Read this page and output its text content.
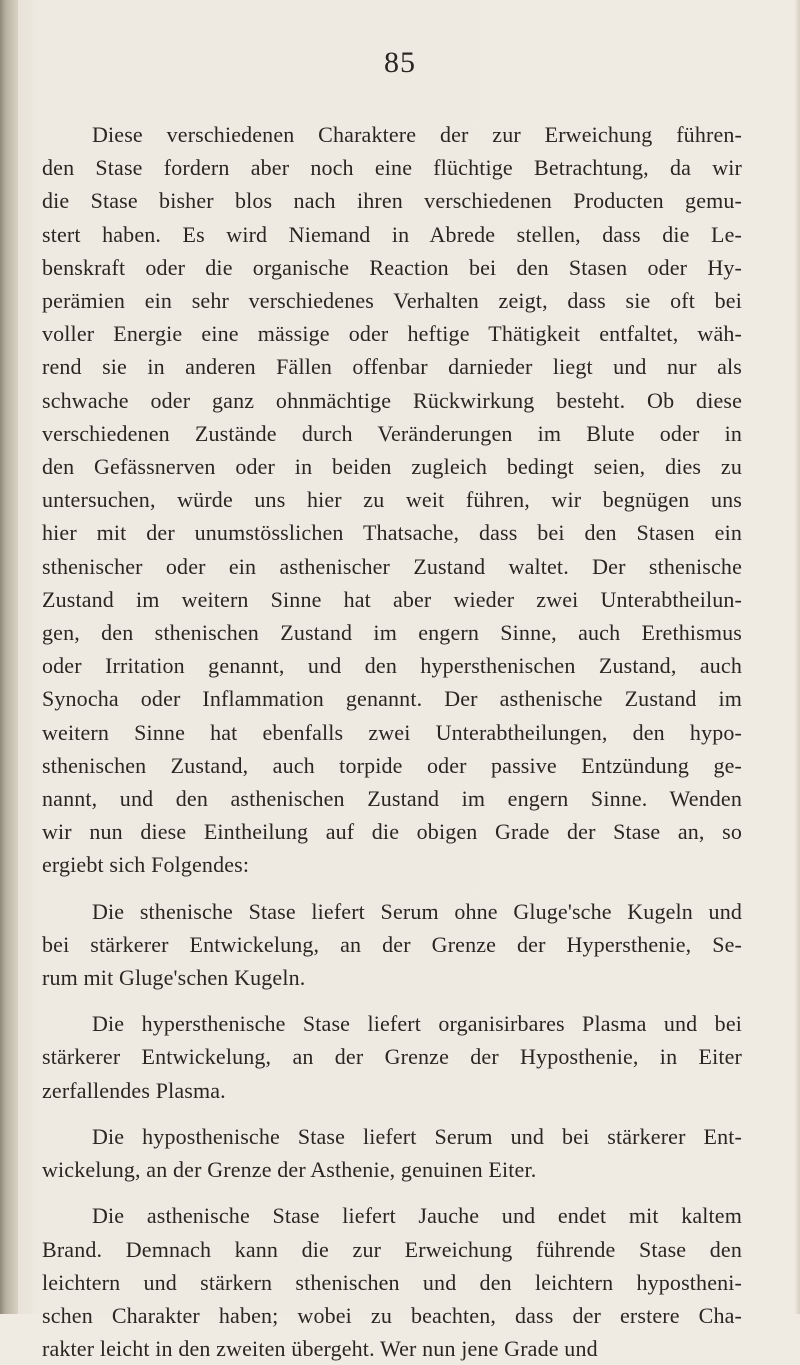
85
Diese verschiedenen Charaktere der zur Erweichung führen-
den Stase fordern aber noch eine flüchtige Betrachtung, da wir
die Stase bisher blos nach ihren verschiedenen Producten gemu-
stert haben. Es wird Niemand in Abrede stellen, dass die Le-
benskraft oder die organische Reaction bei den Stasen oder Hy-
perämien ein sehr verschiedenes Verhalten zeigt, dass sie oft bei
voller Energie eine mässige oder heftige Thätigkeit entfaltet, wäh-
rend sie in anderen Fällen offenbar darnieder liegt und nur als
schwache oder ganz ohnmächtige Rückwirkung besteht. Ob diese
verschiedenen Zustände durch Veränderungen im Blute oder in
den Gefässnerven oder in beiden zugleich bedingt seien, dies zu
untersuchen, würde uns hier zu weit führen, wir begnügen uns
hier mit der unumstösslichen Thatsache, dass bei den Stasen ein
sthenischer oder ein asthenischer Zustand waltet. Der sthenische
Zustand im weitern Sinne hat aber wieder zwei Unterabtheilun-
gen, den sthenischen Zustand im engern Sinne, auch Erethismus
oder Irritation genannt, und den hypersthenischen Zustand, auch
Synocha oder Inflammation genannt. Der asthenische Zustand im
weitern Sinne hat ebenfalls zwei Unterabtheilungen, den hypo-
sthenischen Zustand, auch torpide oder passive Entzündung ge-
nannt, und den asthenischen Zustand im engern Sinne. Wenden
wir nun diese Eintheilung auf die obigen Grade der Stase an, so
ergiebt sich Folgendes:
Die sthenische Stase liefert Serum ohne Gluge'sche Kugeln und
bei stärkerer Entwickelung, an der Grenze der Hypersthenie, Se-
rum mit Gluge'schen Kugeln.
Die hypersthenische Stase liefert organisirbares Plasma und bei
stärkerer Entwickelung, an der Grenze der Hyposthenie, in Eiter
zerfallendes Plasma.
Die hyposthenische Stase liefert Serum und bei stärkerer Ent-
wickelung, an der Grenze der Asthenie, genuinen Eiter.
Die asthenische Stase liefert Jauche und endet mit kaltem
Brand. Demnach kann die zur Erweichung führende Stase den
leichtern und stärkern sthenischen und den leichtern hypostheni-
schen Charakter haben; wobei zu beachten, dass der erstere Cha-
rakter leicht in den zweiten übergeht. Wer nun jene Grade und
